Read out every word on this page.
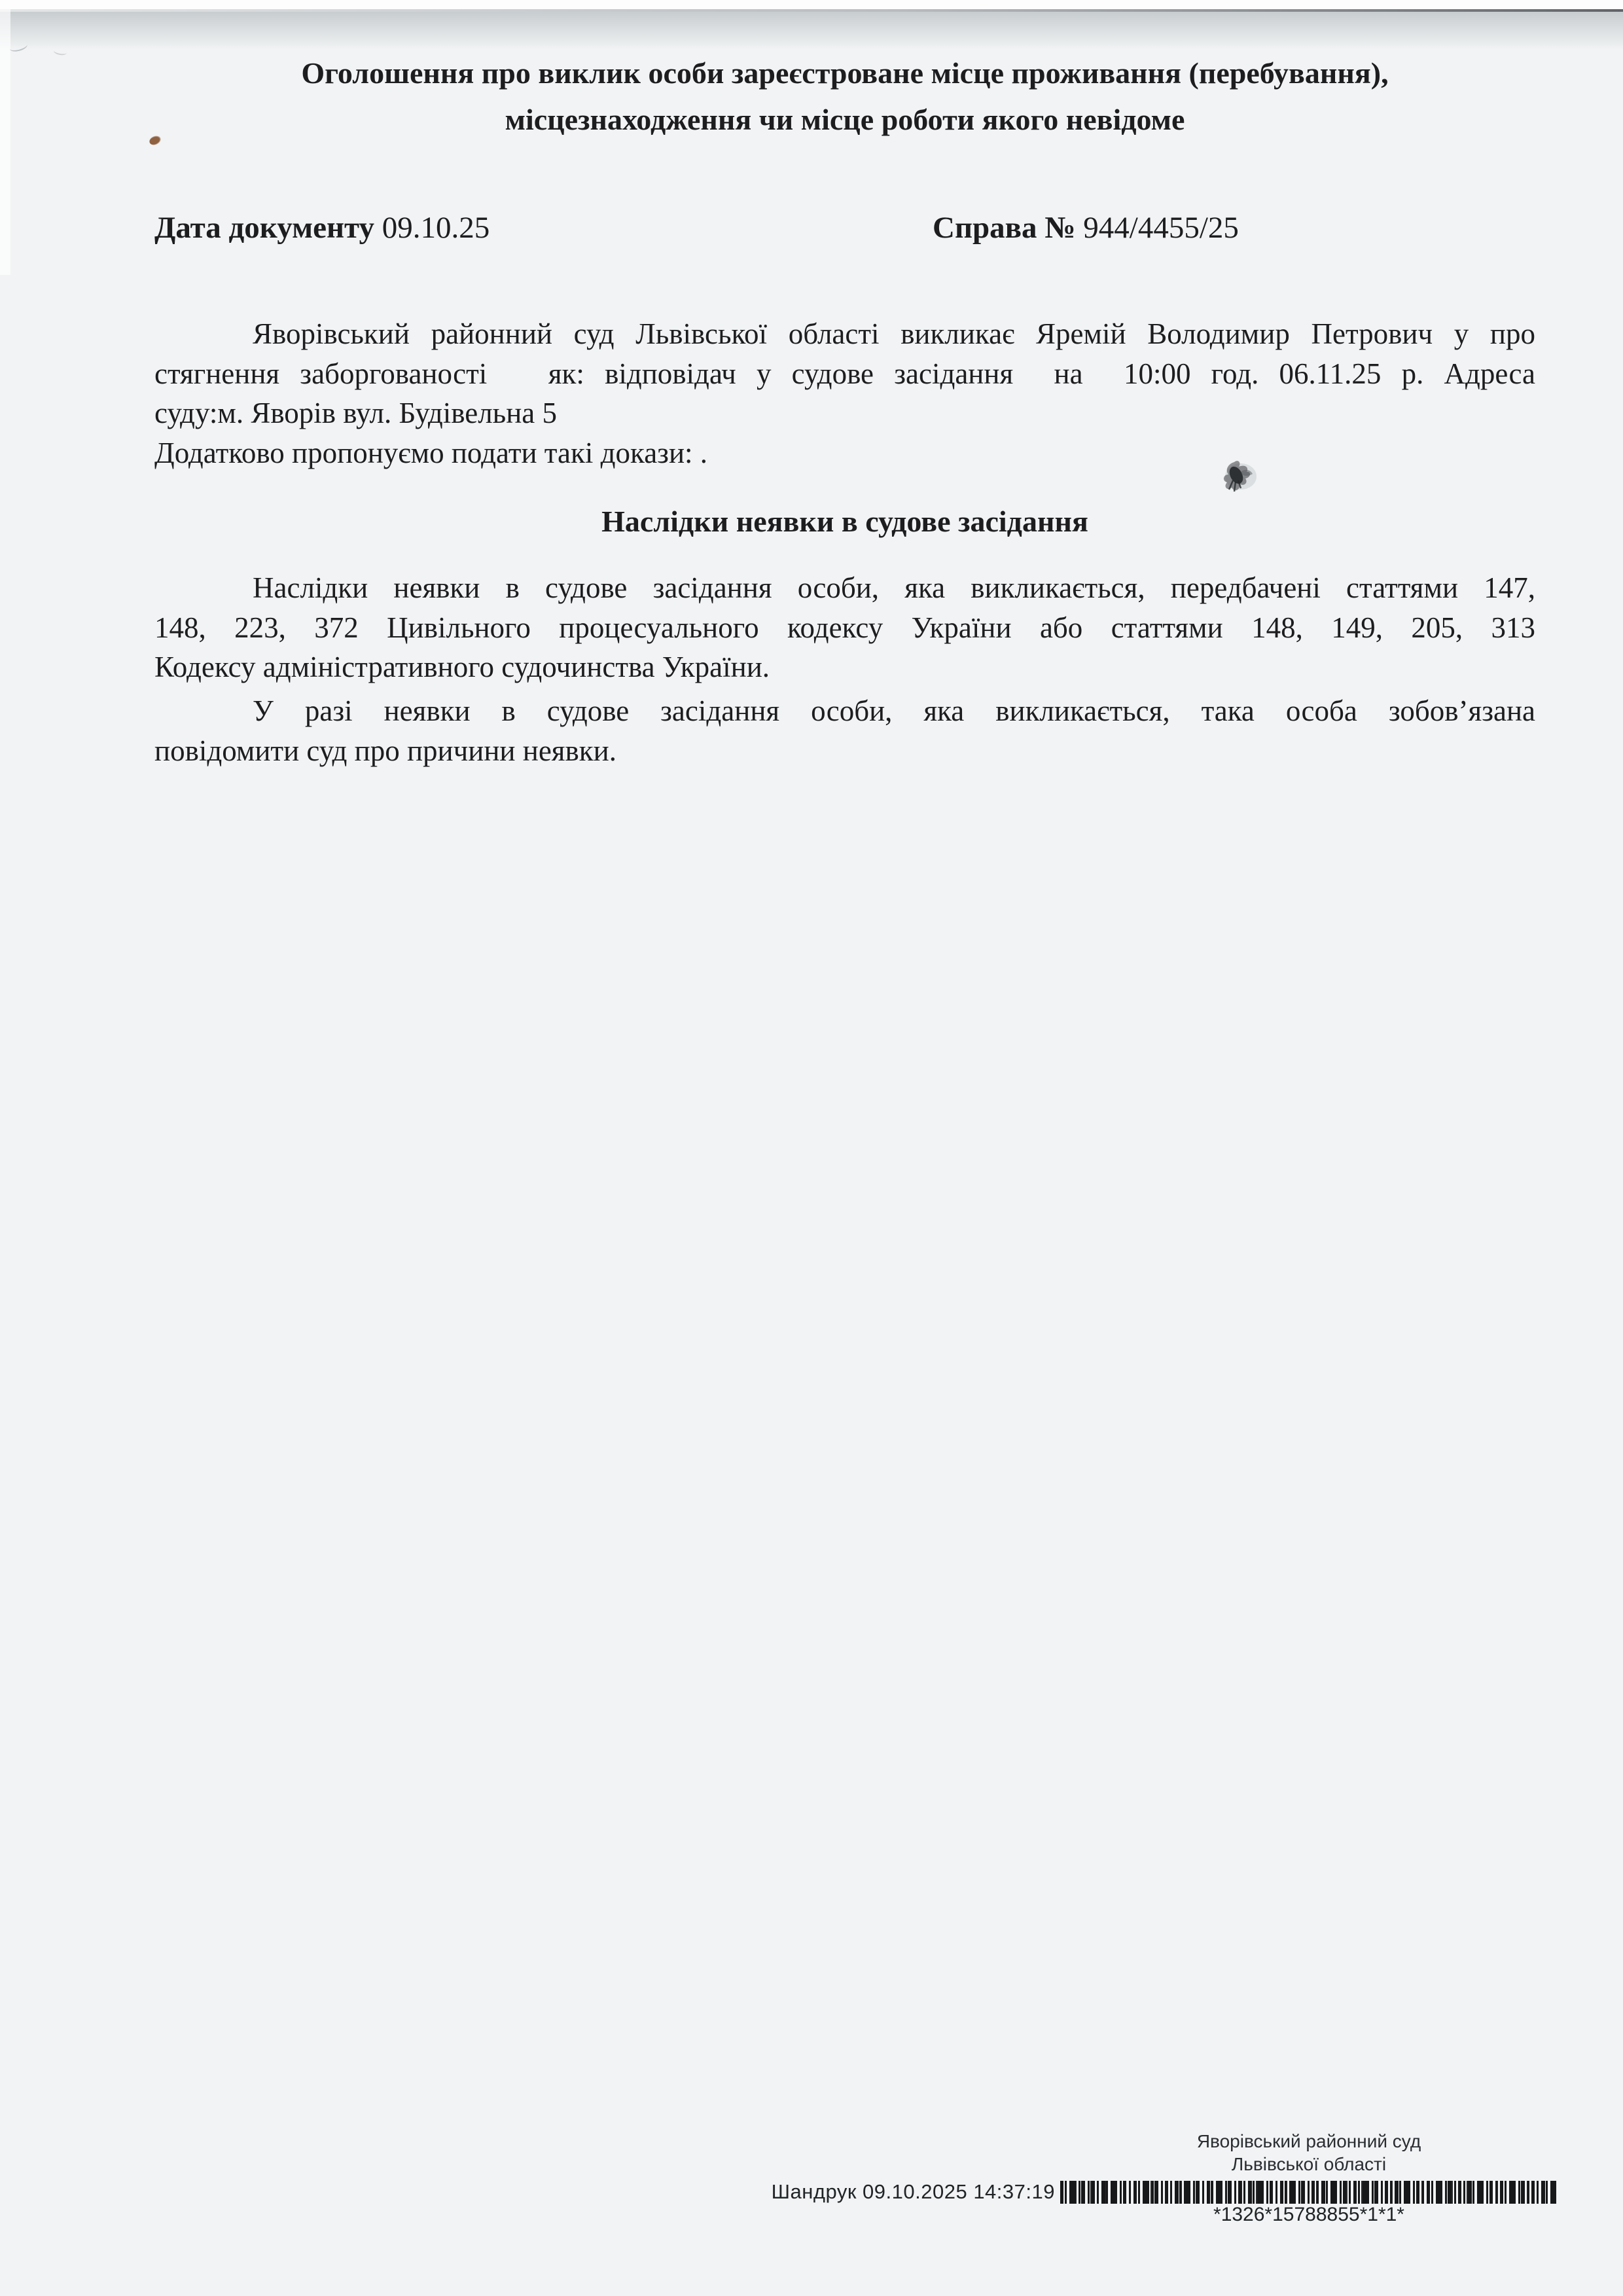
Оголошення про виклик особи зареєстроване місце проживання (перебування),
місцезнаходження чи місце роботи якого невідоме
Дата документу 09.10.25	Справа № 944/4455/25
Яворівський районний суд Львівської області викликає Яремій Володимир Петрович у про
стягнення заборгованості   як: відповідач у судове засідання  на  10:00 год. 06.11.25 р. Адреса
суду:м. Яворів вул. Будівельна 5
Додатково пропонуємо подати такі докази: .
Наслідки неявки в судове засідання
Наслідки неявки в судове засідання особи, яка викликається, передбачені статтями 147,
148, 223, 372 Цивільного процесуального кодексу України або статтями 148, 149, 205, 313
Кодексу адміністративного судочинства України.
У разі неявки в судове засідання особи, яка викликається, така особа зобов’язана
повідомити суд про причини неявки.
Яворівський районний суд
Львівської області
Шандрук 09.10.2025 14:37:19
*1326*15788855*1*1*
